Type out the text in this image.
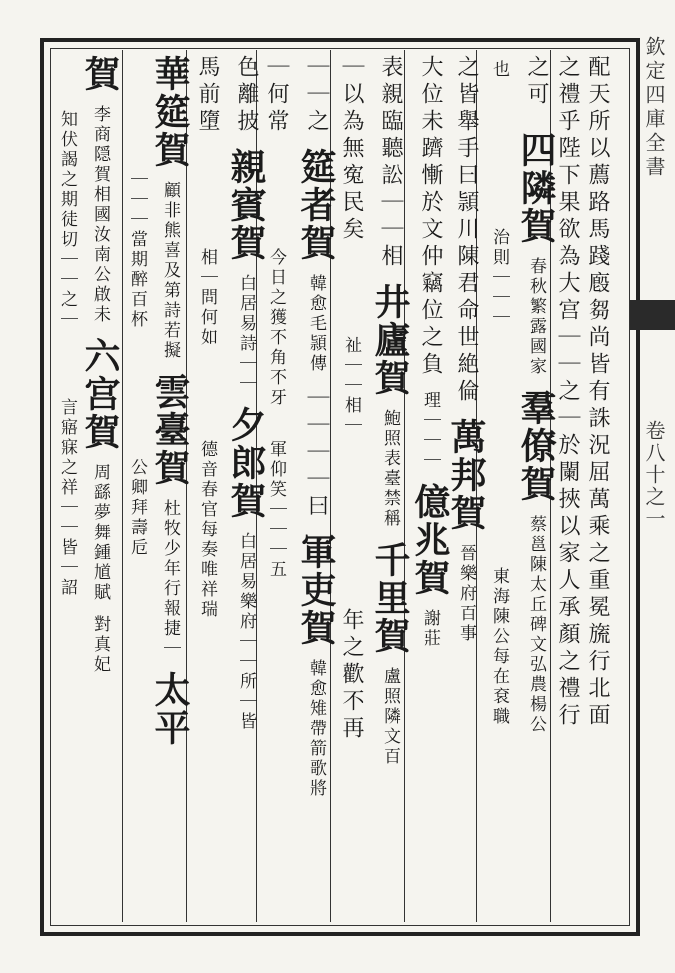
欽定四庫全書
卷八十之一
配天所以薦路馬踐廏芻尚皆有誅況屈萬乘之重冕旒行北面
之禮乎陛下果欲為大宫｜｜之｜於闌挾以家人承顏之禮行
之可 四隣賀 春秋繁露國家 羣僚賀 蔡邕陳太丘碑文弘農楊公
也 治則｜｜｜ 東海陳公每在袞職
之皆舉手曰頴川陳君命世絶倫 萬邦賀 晉樂府百事
大位未躋慚於文仲竊位之負 理｜｜｜ 億兆賀 謝莊
表親臨聽訟｜｜相 井廬賀 鮑照表臺禁稱 千里賀 盧照隣文百
｜以為無寃民矣 祉｜｜相｜ 年之歡不再
｜｜之 筵者賀 韓愈毛頴傳 ｜｜｜｜曰 軍吏賀 韓愈雉帶箭歌將
｜何常 今日之獲不角不牙 軍仰笑｜｜｜五
色離披 親賓賀 白居易詩｜｜ 夕郎賀 白居易樂府｜｜所｜皆
馬前墮 相｜問何如 德音春官每奏唯祥瑞
華筵賀 顧非熊喜及第詩若擬 雲臺賀 杜牧少年行報捷｜ 太平
｜｜｜當期醉百杯 公卿拜壽卮
賀 李商隠賀相國汝南公啟未 六宫賀 周繇夢舞鍾馗賦 對真妃
知伏謁之期徒切｜｜之｜ 言寤寐之祥｜｜皆｜詔
